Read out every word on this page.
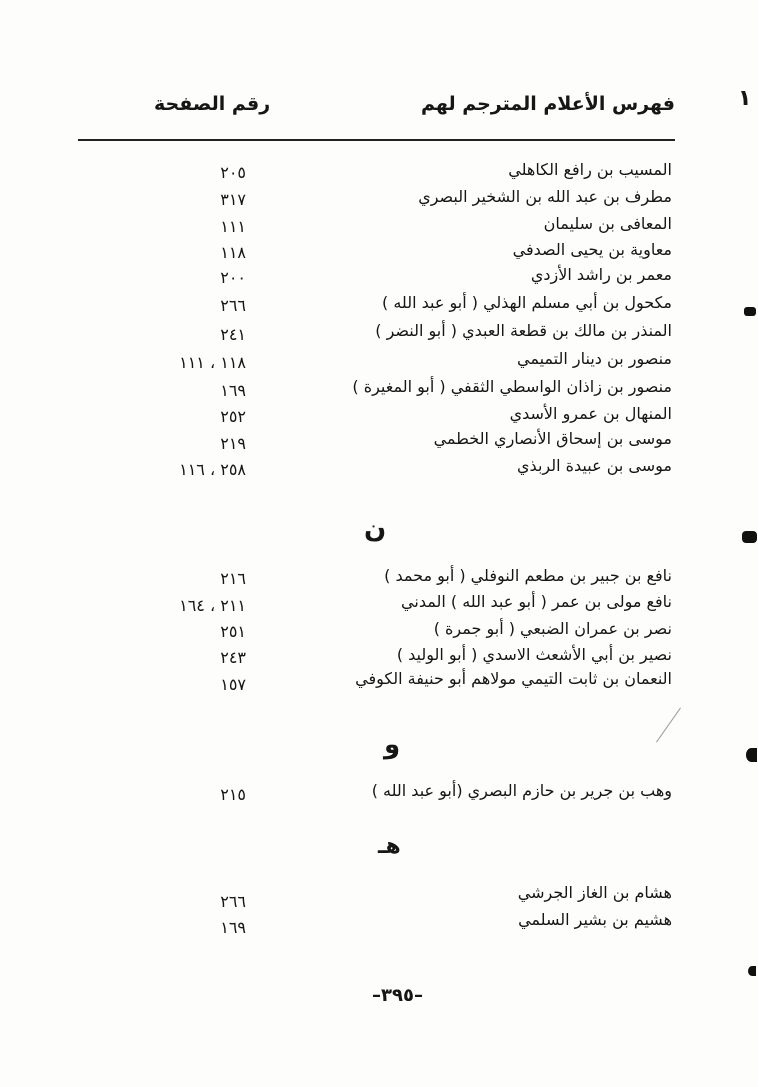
١
فهرس الأعلام المترجم لهم
رقم الصفحة
المسيب بن رافع الكاهلي
٢٠٥
مطرف بن عبد الله بن الشخير البصري
٣١٧
المعافى بن سليمان
١١١
معاوية بن يحيى الصدفي
١١٨
معمر بن راشد الأزدي
٢٠٠
مكحول بن أبي مسلم الهذلي ( أبو عبد الله )
٢٦٦
المنذر بن مالك بن قطعة العبدي ( أبو النضر )
٢٤١
منصور بن دينار التميمي
١١٨ ، ١١١
منصور بن زاذان الواسطي الثقفي ( أبو المغيرة )
١٦٩
المنهال بن عمرو الأسدي
٢٥٢
موسى بن إسحاق الأنصاري الخطمي
٢١٩
موسى بن عبيدة الربذي
٢٥٨ ، ١١٦
ن
نافع بن جبير بن مطعم النوفلي ( أبو محمد )
٢١٦
نافع مولى بن عمر ( أبو عبد الله ) المدني
٢١١ ، ١٦٤
نصر بن عمران الضبعي ( أبو جمرة )
٢٥١
نصير بن أبي الأشعث الاسدي ( أبو الوليد )
٢٤٣
النعمان بن ثابت التيمي مولاهم أبو حنيفة الكوفي
١٥٧
و
وهب بن جرير بن حازم البصري (أبو عبد الله )
٢١٥
هـ
هشام بن الغاز الجرشي
٢٦٦
هشيم بن بشير السلمي
١٦٩
–٣٩٥–
